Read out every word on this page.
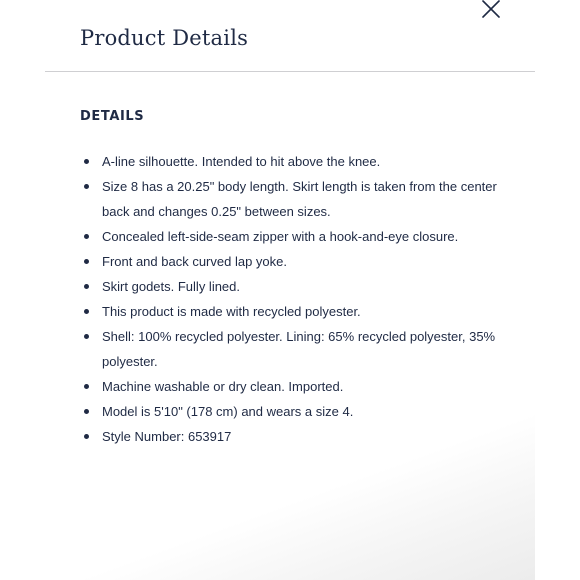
Product Details
DETAILS
A-line silhouette. Intended to hit above the knee.
Size 8 has a 20.25" body length. Skirt length is taken from the center back and changes 0.25" between sizes.
Concealed left-side-seam zipper with a hook-and-eye closure.
Front and back curved lap yoke.
Skirt godets. Fully lined.
This product is made with recycled polyester.
Shell: 100% recycled polyester. Lining: 65% recycled polyester, 35% polyester.
Machine washable or dry clean. Imported.
Model is 5'10" (178 cm) and wears a size 4.
Style Number: 653917
